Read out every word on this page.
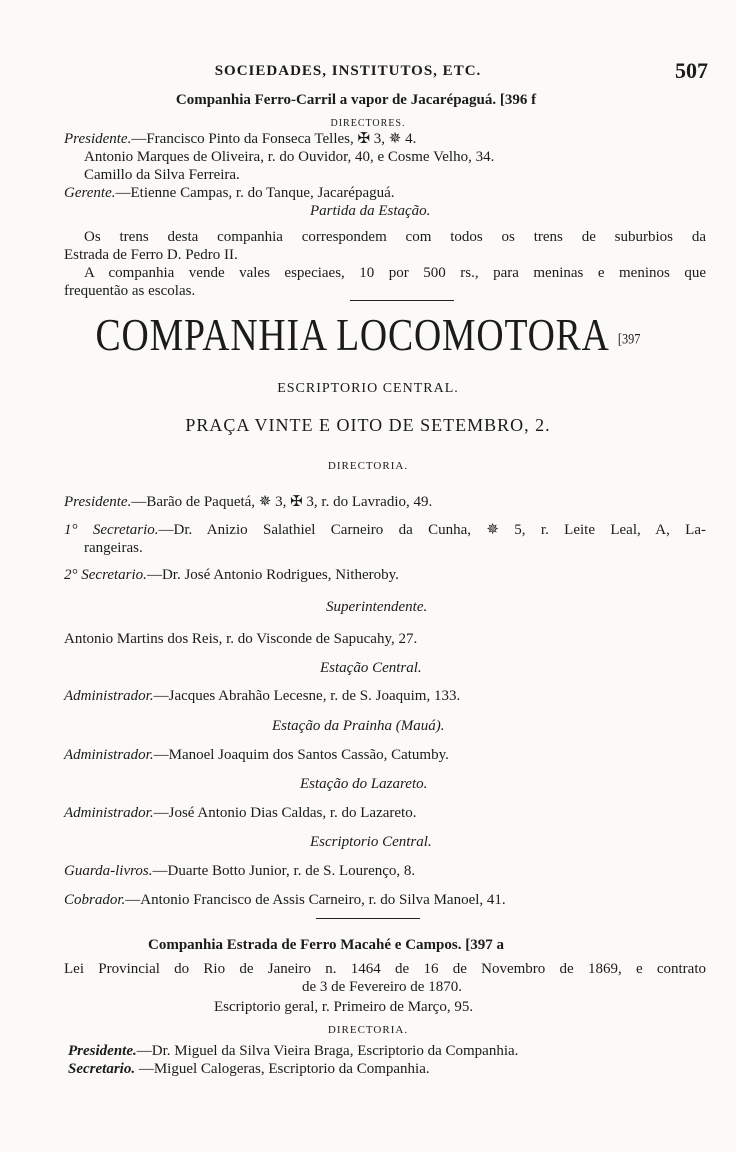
SOCIEDADES, INSTITUTOS, ETC.	507
Companhia Ferro-Carril a vapor de Jacarépaguá. [396 f
DIRECTORES.
Presidente.—Francisco Pinto da Fonseca Telles, ✠ 3, ✵ 4.
Antonio Marques de Oliveira, r. do Ouvidor, 40, e Cosme Velho, 34.
Camillo da Silva Ferreira.
Gerente.—Etienne Campas, r. do Tanque, Jacarépaguá.
Partida da Estação.
Os trens desta companhia correspondem com todos os trens de suburbios da
Estrada de Ferro D. Pedro II.
A companhia vende vales especiaes, 10 por 500 rs., para meninas e meninos que
frequentão as escolas.
COMPANHIA LOCOMOTORA [397
ESCRIPTORIO CENTRAL.
PRAÇA VINTE E OITO DE SETEMBRO, 2.
DIRECTORIA.
Presidente.—Barão de Paquetá, ✵ 3, ✠ 3, r. do Lavradio, 49.
1° Secretario.—Dr. Anizio Salathiel Carneiro da Cunha, ✵ 5, r. Leite Leal, A, La-
rangeiras.
2° Secretario.—Dr. José Antonio Rodrigues, Nitheroby.
Superintendente.
Antonio Martins dos Reis, r. do Visconde de Sapucahy, 27.
Estação Central.
Administrador.—Jacques Abrahão Lecesne, r. de S. Joaquim, 133.
Estação da Prainha (Mauá).
Administrador.—Manoel Joaquim dos Santos Cassão, Catumby.
Estação do Lazareto.
Administrador.—José Antonio Dias Caldas, r. do Lazareto.
Escriptorio Central.
Guarda-livros.—Duarte Botto Junior, r. de S. Lourenço, 8.
Cobrador.—Antonio Francisco de Assis Carneiro, r. do Silva Manoel, 41.
Companhia Estrada de Ferro Macahé e Campos. [397 a
Lei Provincial do Rio de Janeiro n. 1464 de 16 de Novembro de 1869, e contrato
de 3 de Fevereiro de 1870.
Escriptorio geral, r. Primeiro de Março, 95.
DIRECTORIA.
Presidente.—Dr. Miguel da Silva Vieira Braga, Escriptorio da Companhia.
Secretario. —Miguel Calogeras, Escriptorio da Companhia.
